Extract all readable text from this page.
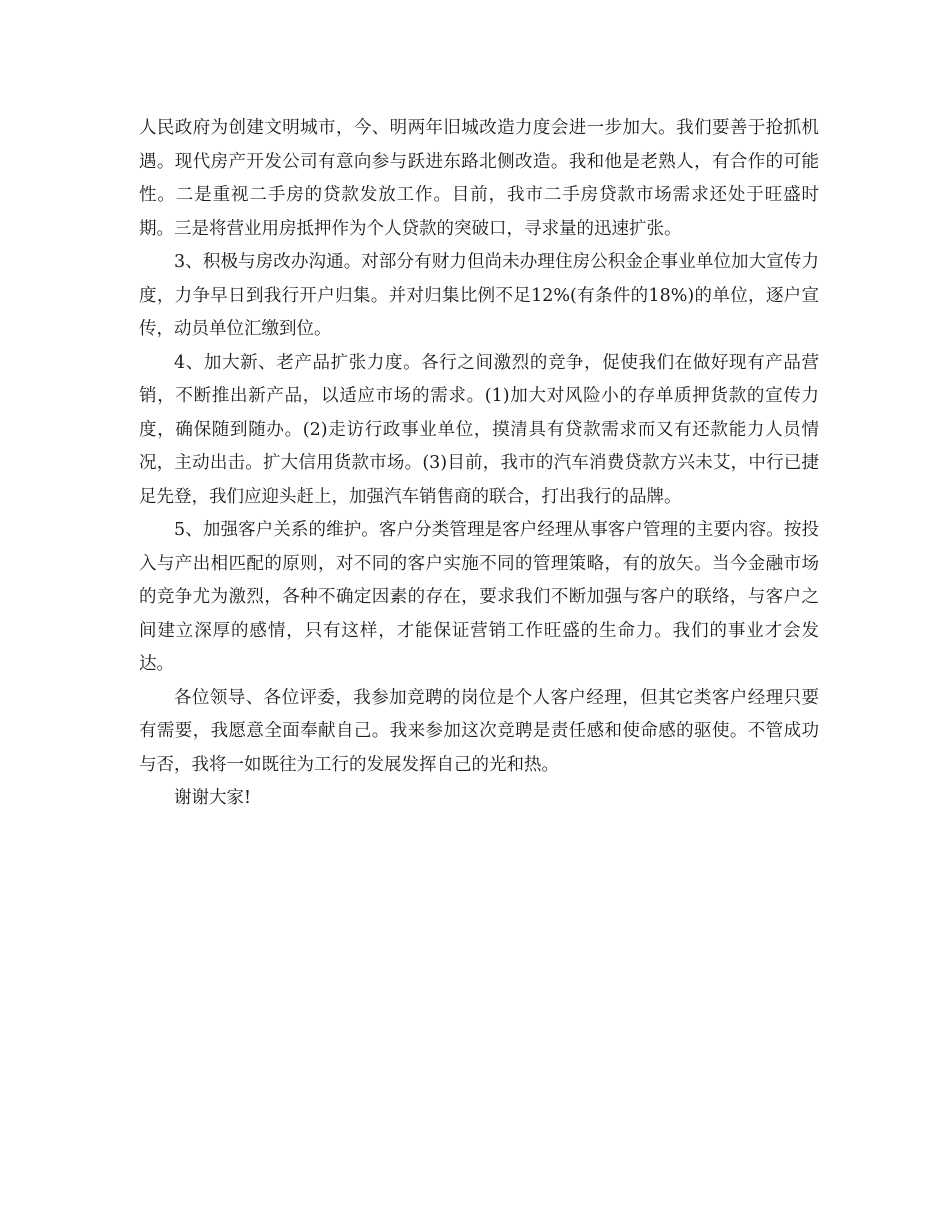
人民政府为创建文明城市，今、明两年旧城改造力度会进一步加大。我们要善于抢抓机遇。现代房产开发公司有意向参与跃进东路北侧改造。我和他是老熟人，有合作的可能性。二是重视二手房的贷款发放工作。目前，我市二手房贷款市场需求还处于旺盛时期。三是将营业用房抵押作为个人贷款的突破口，寻求量的迅速扩张。

3、积极与房改办沟通。对部分有财力但尚未办理住房公积金企事业单位加大宣传力度，力争早日到我行开户归集。并对归集比例不足12%(有条件的18%)的单位，逐户宣传，动员单位汇缴到位。

4、加大新、老产品扩张力度。各行之间激烈的竞争，促使我们在做好现有产品营销，不断推出新产品，以适应市场的需求。(1)加大对风险小的存单质押货款的宣传力度，确保随到随办。(2)走访行政事业单位，摸清具有贷款需求而又有还款能力人员情况，主动出击。扩大信用货款市场。(3)目前，我市的汽车消费贷款方兴未艾，中行已捷足先登，我们应迎头赶上，加强汽车销售商的联合，打出我行的品牌。

5、加强客户关系的维护。客户分类管理是客户经理从事客户管理的主要内容。按投入与产出相匹配的原则，对不同的客户实施不同的管理策略，有的放矢。当今金融市场的竞争尤为激烈，各种不确定因素的存在，要求我们不断加强与客户的联络，与客户之间建立深厚的感情，只有这样，才能保证营销工作旺盛的生命力。我们的事业才会发达。

各位领导、各位评委，我参加竞聘的岗位是个人客户经理，但其它类客户经理只要有需要，我愿意全面奉献自己。我来参加这次竞聘是责任感和使命感的驱使。不管成功与否，我将一如既往为工行的发展发挥自己的光和热。

谢谢大家!
